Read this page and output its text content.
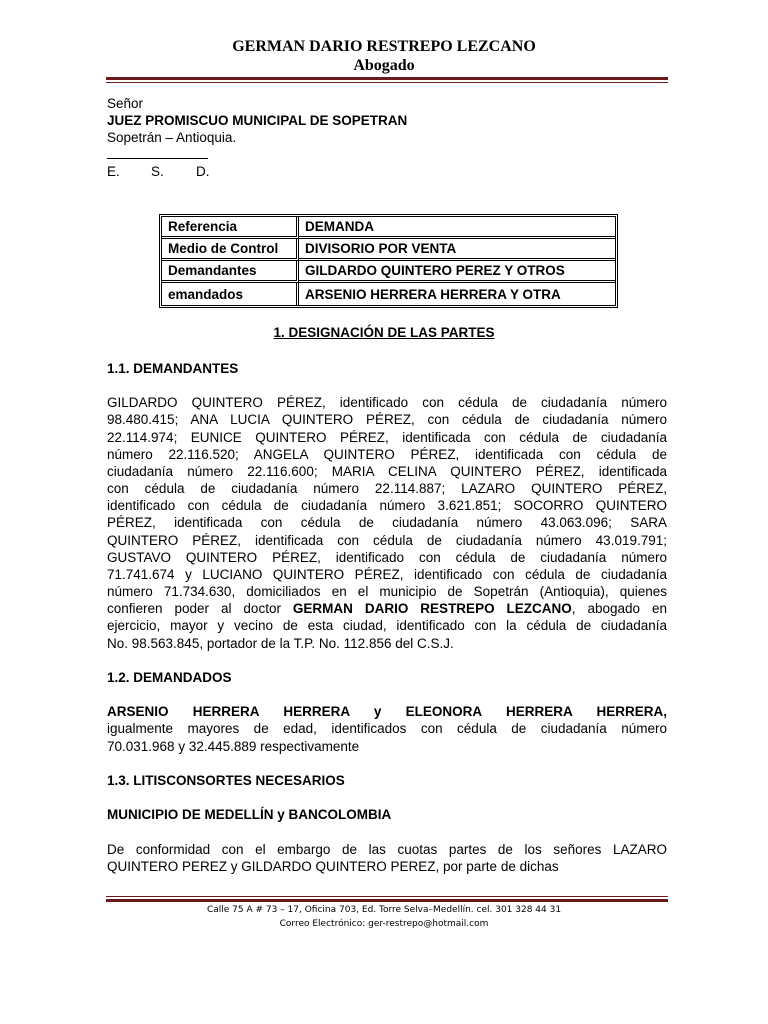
GERMAN DARIO RESTREPO LEZCANO
Abogado
Señor
JUEZ PROMISCUO MUNICIPAL DE SOPETRAN
Sopetrán – Antioquia.
E. S. D.
Referencia	DEMANDA
Medio de Control	DIVISORIO POR VENTA
Demandantes	GILDARDO QUINTERO PEREZ Y OTROS
emandados	ARSENIO HERRERA HERRERA Y OTRA
1. DESIGNACIÓN DE LAS PARTES
1.1. DEMANDANTES
GILDARDO QUINTERO PÉREZ, identificado con cédula de ciudadanía número
98.480.415; ANA LUCIA QUINTERO PÉREZ, con cédula de ciudadanía número
22.114.974; EUNICE QUINTERO PÉREZ, identificada con cédula de ciudadanía
número 22.116.520; ANGELA QUINTERO PÉREZ, identificada con cédula de
ciudadanía número 22.116.600; MARIA CELINA QUINTERO PÉREZ, identificada
con cédula de ciudadanía número 22.114.887; LAZARO QUINTERO PÉREZ,
identificado con cédula de ciudadanía número 3.621.851; SOCORRO QUINTERO
PÉREZ, identificada con cédula de ciudadanía número 43.063.096; SARA
QUINTERO PÉREZ, identificada con cédula de ciudadanía número 43.019.791;
GUSTAVO QUINTERO PÉREZ, identificado con cédula de ciudadanía número
71.741.674 y LUCIANO QUINTERO PÉREZ, identificado con cédula de ciudadanía
número 71.734.630, domiciliados en el municipio de Sopetrán (Antioquia), quienes
confieren poder al doctor GERMAN DARIO RESTREPO LEZCANO, abogado en
ejercicio, mayor y vecino de esta ciudad, identificado con la cédula de ciudadanía
No. 98.563.845, portador de la T.P. No. 112.856 del C.S.J.
1.2. DEMANDADOS
ARSENIO HERRERA HERRERA y ELEONORA HERRERA HERRERA,
igualmente mayores de edad, identificados con cédula de ciudadanía número
70.031.968 y 32.445.889 respectivamente
1.3. LITISCONSORTES NECESARIOS
MUNICIPIO DE MEDELLÍN y BANCOLOMBIA
De conformidad con el embargo de las cuotas partes de los señores LAZARO
QUINTERO PEREZ y GILDARDO QUINTERO PEREZ, por parte de dichas
Calle 75 A # 73 – 17, Oficina 703, Ed. Torre Selva–Medellín. cel. 301 328 44 31
Correo Electrónico: ger-restrepo@hotmail.com
